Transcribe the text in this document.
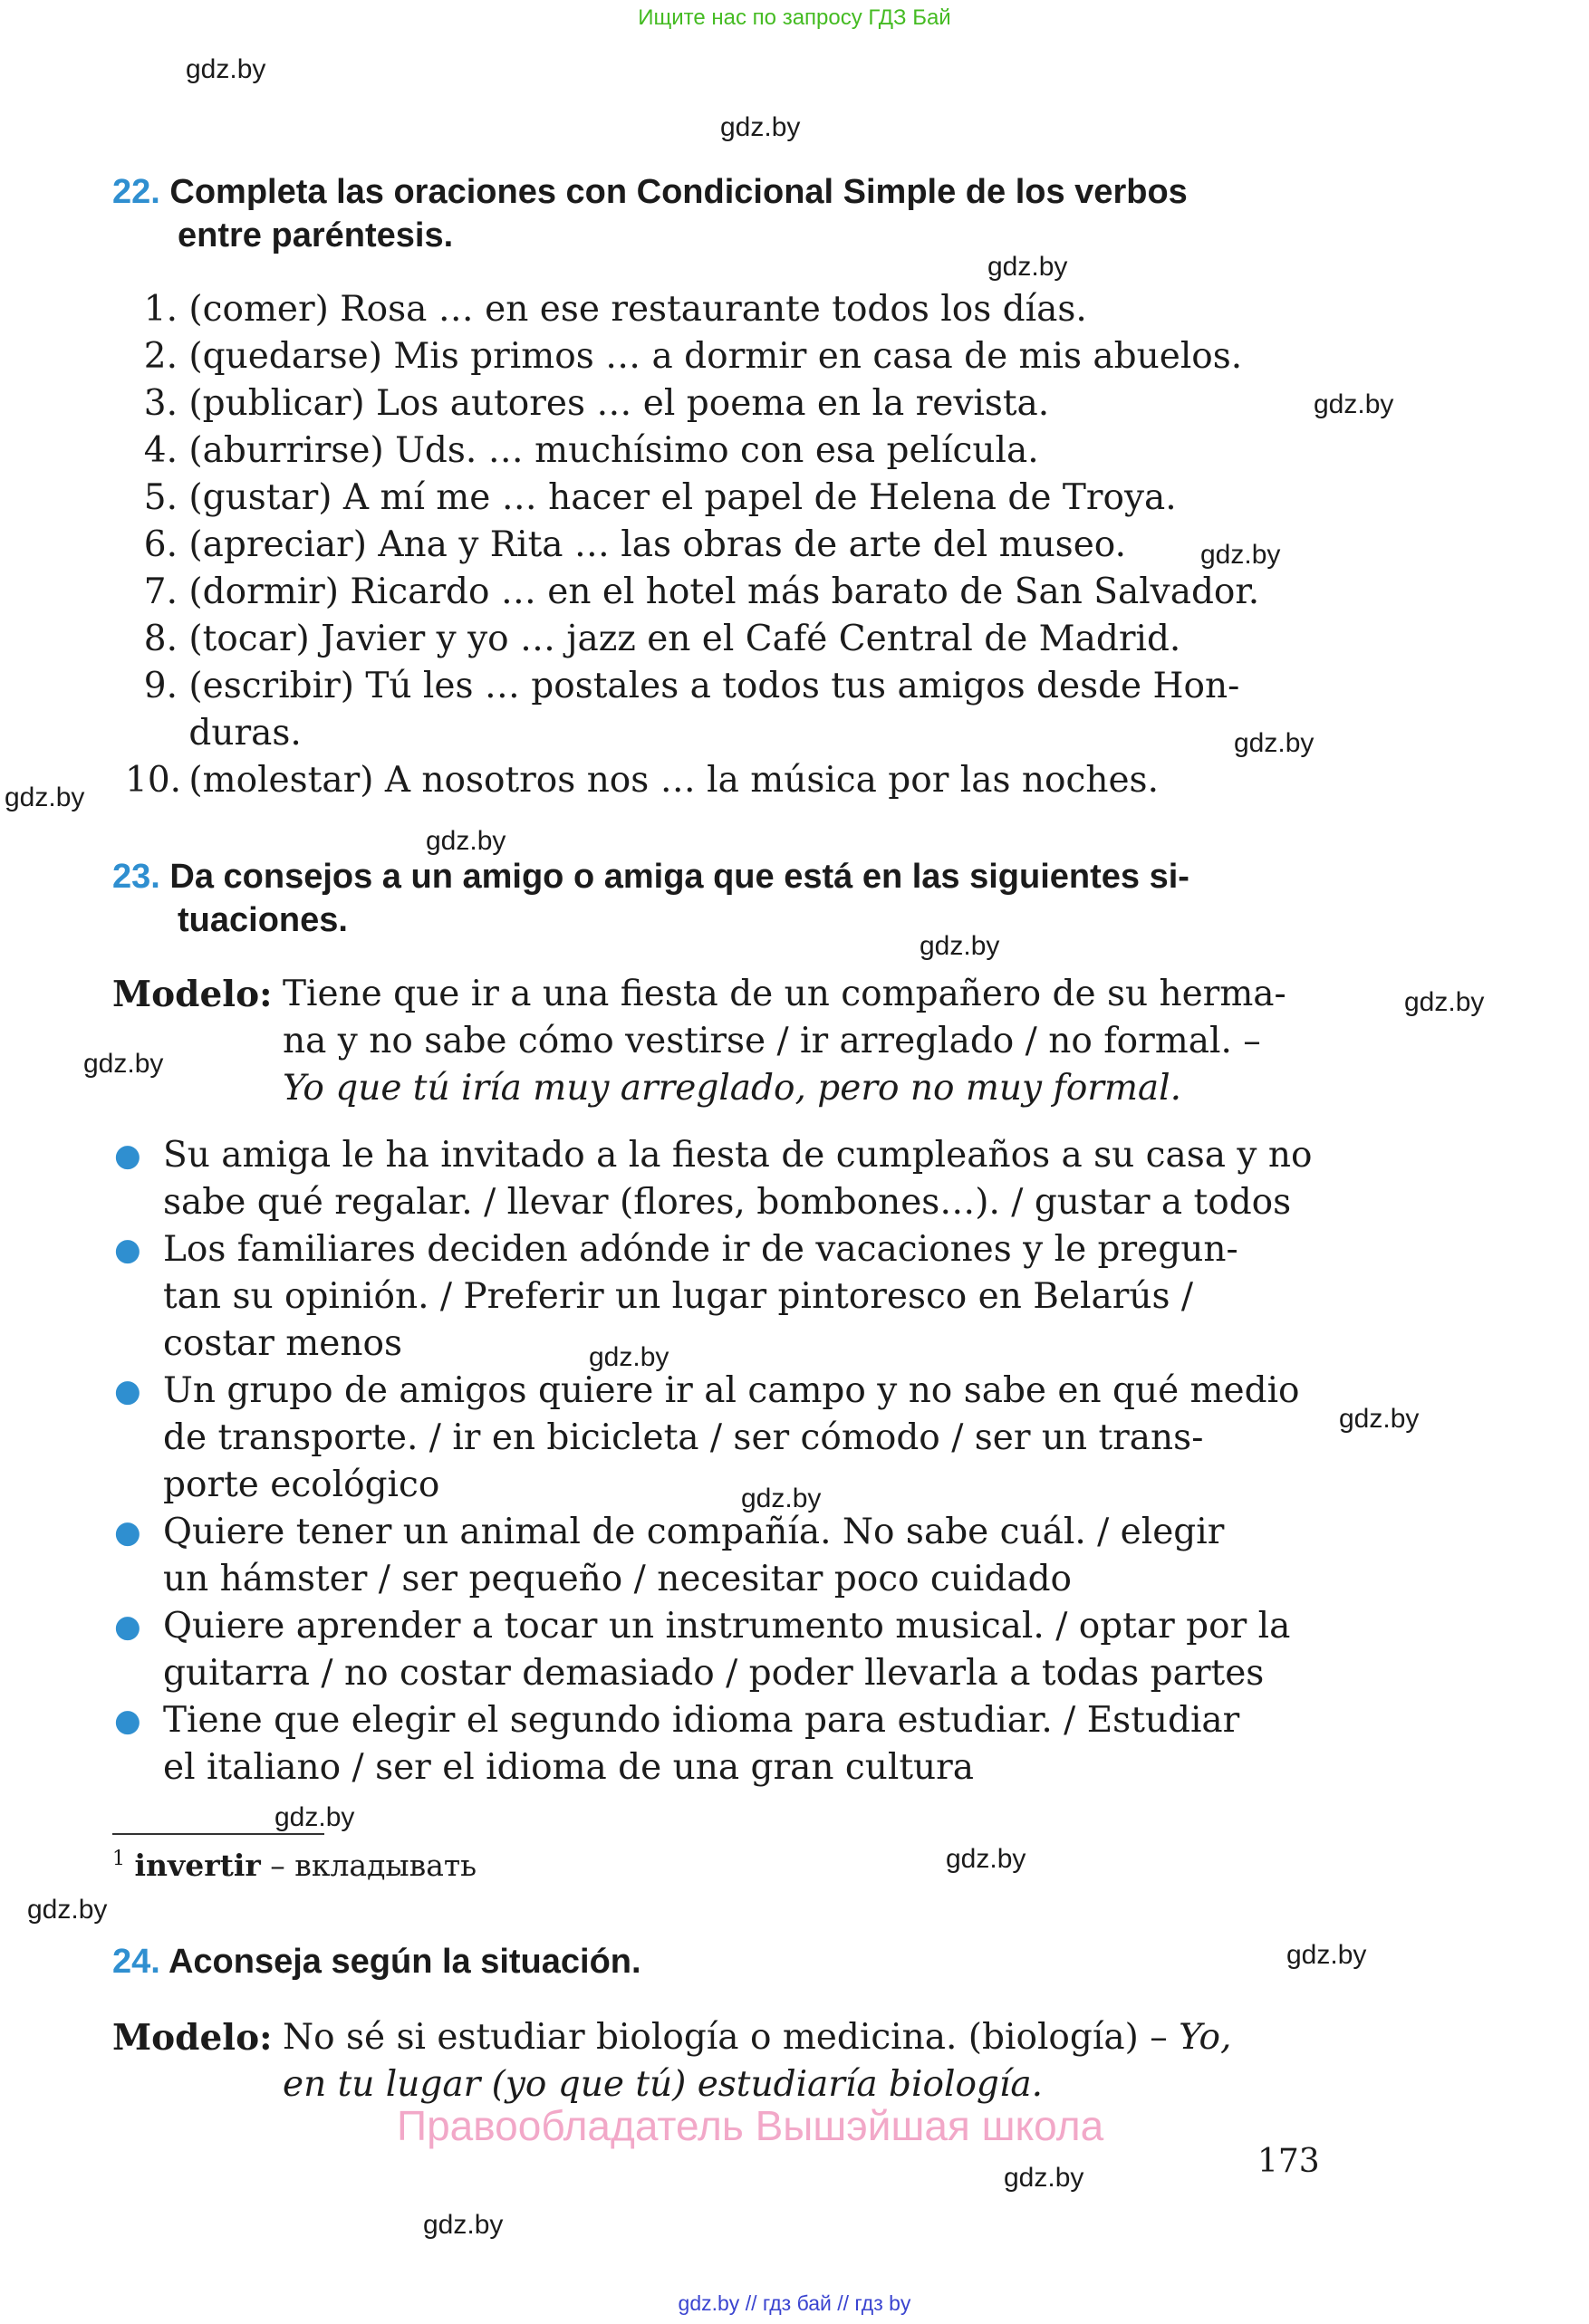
Ищите нас по запросу ГДЗ Бай
gdz.by
gdz.by
gdz.by
gdz.by
gdz.by
gdz.by
gdz.by
gdz.by
gdz.by
gdz.by
gdz.by
gdz.by
gdz.by
gdz.by
gdz.by
gdz.by
gdz.by
gdz.by
gdz.by
gdz.by
22. Completa las oraciones con Condicional Simple de los verbos
entre paréntesis.
1. (comer) Rosa … en ese restaurante todos los días.
2. (quedarse) Mis primos … a dormir en casa de mis abuelos.
3. (publicar) Los autores … el poema en la revista.
4. (aburrirse) Uds. … muchísimo con esa película.
5. (gustar) A mí me … hacer el papel de Helena de Troya.
6. (apreciar) Ana y Rita … las obras de arte del museo.
7. (dormir) Ricardo … en el hotel más barato de San Salvador.
8. (tocar) Javier y yo … jazz en el Café Central de Madrid.
9. (escribir) Tú les … postales a todos tus amigos desde Hon-
duras.
10. (molestar) A nosotros nos … la música por las noches.
23. Da consejos a un amigo o amiga que está en las siguientes si-
tuaciones.
Modelo: Tiene que ir a una fiesta de un compañero de su herma-
na y no sabe cómo vestirse / ir arreglado / no formal. –
Yo que tú iría muy arreglado, pero no muy formal.
● Su amiga le ha invitado a la fiesta de cumpleaños a su casa y no
sabe qué regalar. / llevar (flores, bombones…). / gustar a todos
● Los familiares deciden adónde ir de vacaciones y le pregun-
tan su opinión. / Preferir un lugar pintoresco en Belarús /
costar menos
● Un grupo de amigos quiere ir al campo y no sabe en qué medio
de transporte. / ir en bicicleta / ser cómodo / ser un trans-
porte ecológico
● Quiere tener un animal de compañía. No sabe cuál. / elegir
un hámster / ser pequeño / necesitar poco cuidado
● Quiere aprender a tocar un instrumento musical. / optar por la
guitarra / no costar demasiado / poder llevarla a todas partes
● Tiene que elegir el segundo idioma para estudiar. / Estudiar
el italiano / ser el idioma de una gran cultura
$^1$ invertir – вкладывать
24. Aconseja según la situación.
Modelo: No sé si estudiar biología o medicina. (biología) – Yo,
en tu lugar (yo que tú) estudiaría biología.
Правообладатель Вышэйшая школа
173
gdz.by // гдз бай // гдз by
